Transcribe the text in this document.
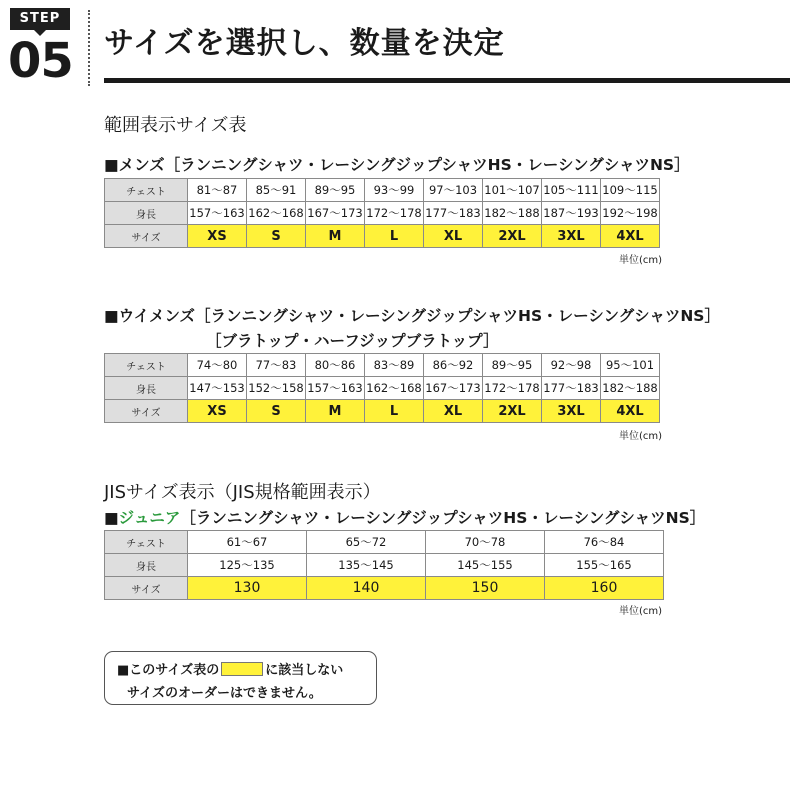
STEP
05 サイズを選択し、数量を決定
範囲表示サイズ表
■メンズ［ランニングシャツ・レーシングジップシャツHS・レーシングシャツNS］
チェスト	81〜87	85〜91	89〜95	93〜99	97〜103	101〜107	105〜111	109〜115
身長	157〜163	162〜168	167〜173	172〜178	177〜183	182〜188	187〜193	192〜198
サイズ	XS	S	M	L	XL	2XL	3XL	4XL
単位(cm)
■ウイメンズ［ランニングシャツ・レーシングジップシャツHS・レーシングシャツNS］
［ブラトップ・ハーフジップブラトップ］
チェスト	74〜80	77〜83	80〜86	83〜89	86〜92	89〜95	92〜98	95〜101
身長	147〜153	152〜158	157〜163	162〜168	167〜173	172〜178	177〜183	182〜188
サイズ	XS	S	M	L	XL	2XL	3XL	4XL
単位(cm)
JISサイズ表示（JIS規格範囲表示）
■ジュニア［ランニングシャツ・レーシングジップシャツHS・レーシングシャツNS］
チェスト	61〜67	65〜72	70〜78	76〜84
身長	125〜135	135〜145	145〜155	155〜165
サイズ	130	140	150	160
単位(cm)
■このサイズ表の	に該当しない
サイズのオーダーはできません。
